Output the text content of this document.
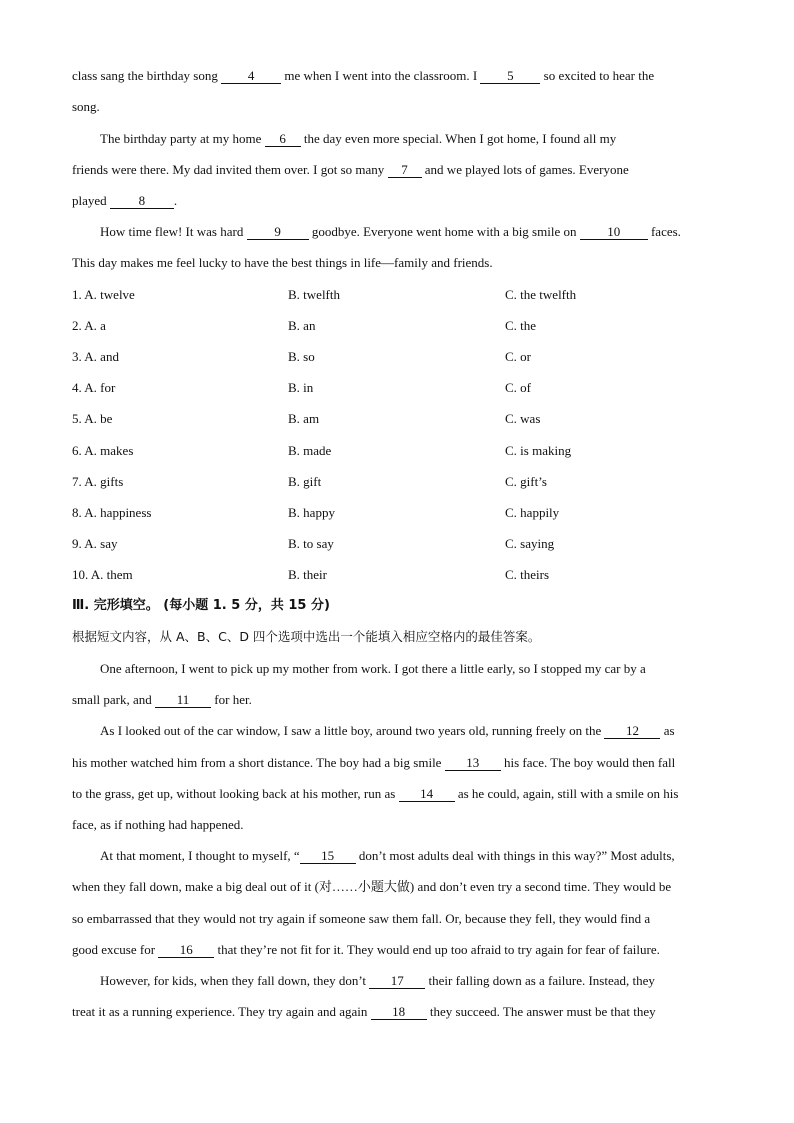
class sang the birthday song 4 me when I went into the classroom. I 5 so excited to hear the
song.
The birthday party at my home 6 the day even more special. When I got home, I found all my
friends were there. My dad invited them over. I got so many 7 and we played lots of games. Everyone
played 8 .
How time flew! It was hard 9 goodbye. Everyone went home with a big smile on 10 faces.
This day makes me feel lucky to have the best things in life—family and friends.
1. A. twelve	B. twelfth	C. the twelfth
2. A. a	B. an	C. the
3. A. and	B. so	C. or
4. A. for	B. in	C. of
5. A. be	B. am	C. was
6. A. makes	B. made	C. is making
7. A. gifts	B. gift	C. gift’s
8. A. happiness	B. happy	C. happily
9. A. say	B. to say	C. saying
10. A. them	B. their	C. theirs
Ⅲ. 完形填空。 (每小题 1. 5 分，共 15 分)
根据短文内容，从 A、B、C、D 四个选项中选出一个能填入相应空格内的最佳答案。
One afternoon, I went to pick up my mother from work. I got there a little early, so I stopped my car by a
small park, and 11 for her.
As I looked out of the car window, I saw a little boy, around two years old, running freely on the 12 as
his mother watched him from a short distance. The boy had a big smile 13 his face. The boy would then fall
to the grass, get up, without looking back at his mother, run as 14 as he could, again, still with a smile on his
face, as if nothing had happened.
At that moment, I thought to myself, “ 15 don’t most adults deal with things in this way?” Most adults,
when they fall down, make a big deal out of it (对……小题大做) and don’t even try a second time. They would be
so embarrassed that they would not try again if someone saw them fall. Or, because they fell, they would find a
good excuse for 16 that they’re not fit for it. They would end up too afraid to try again for fear of failure.
However, for kids, when they fall down, they don’t 17 their falling down as a failure. Instead, they
treat it as a running experience. They try again and again 18 they succeed. The answer must be that they
